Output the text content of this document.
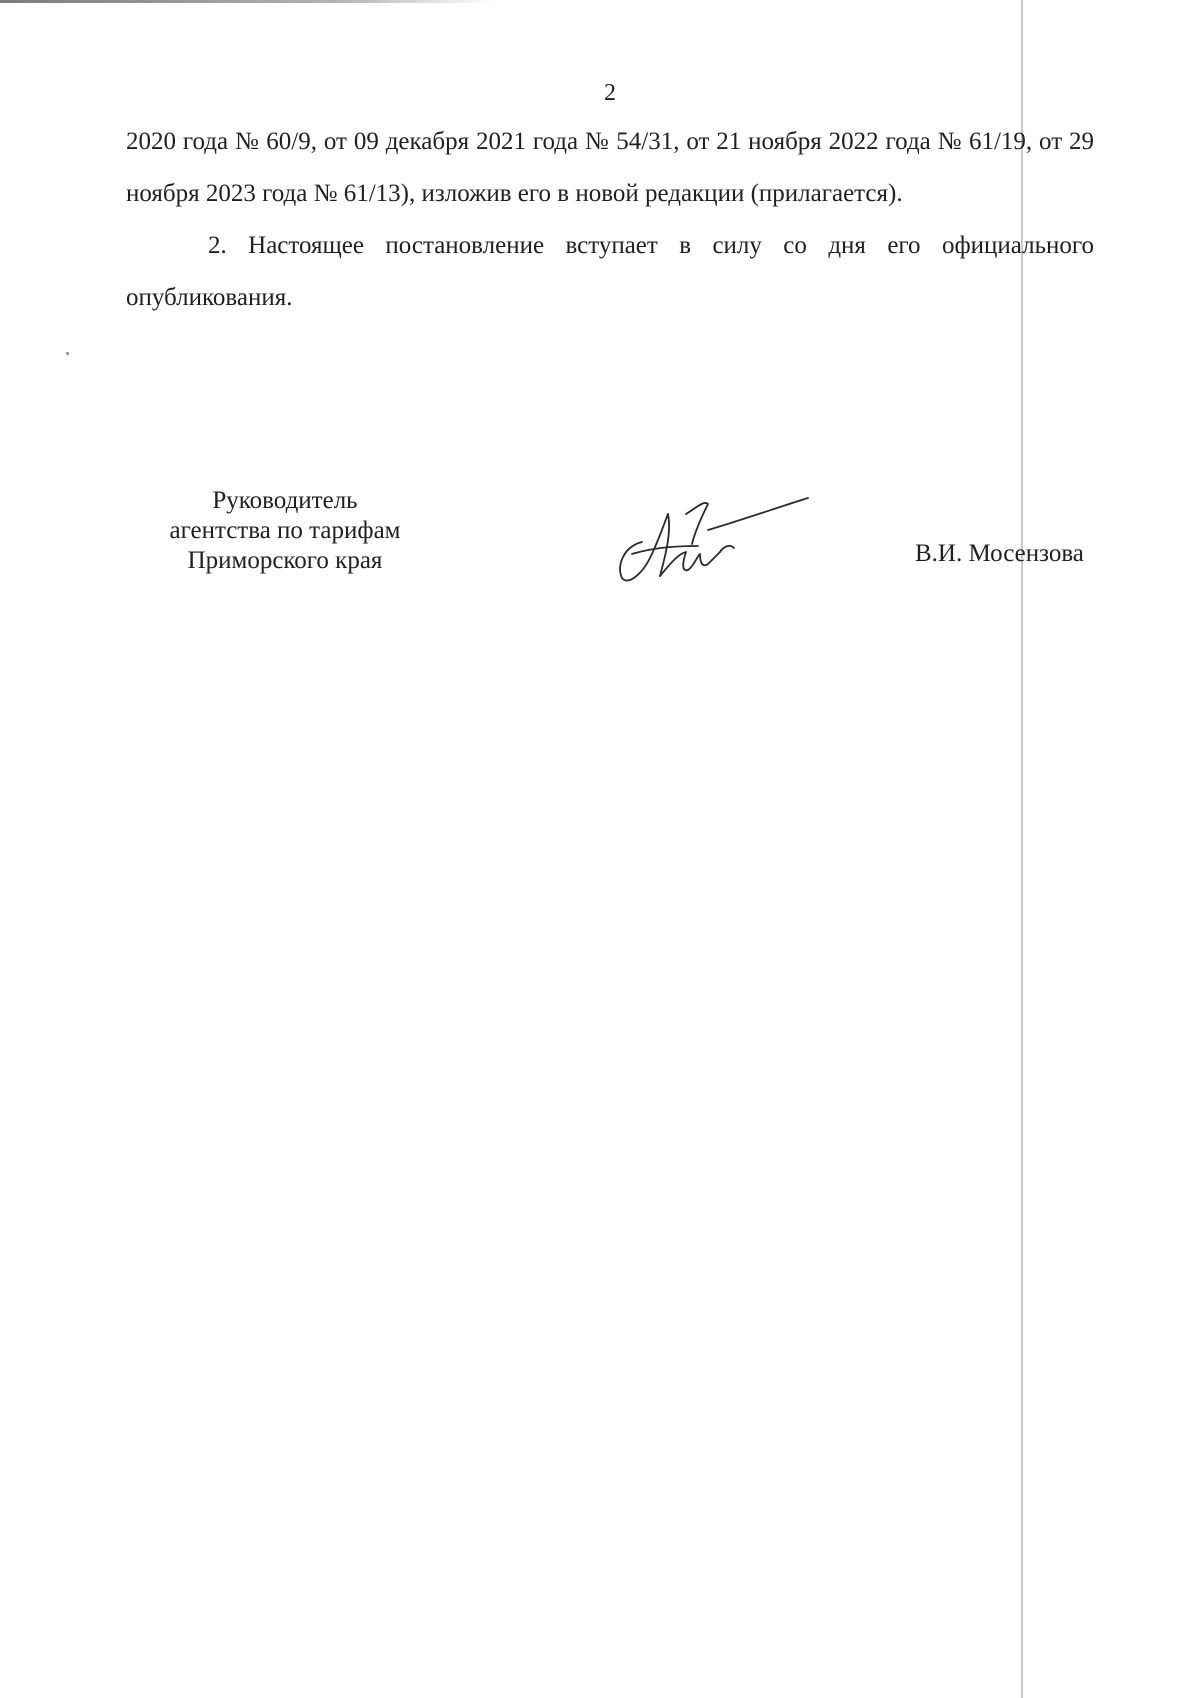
2

2020 года № 60/9, от 09 декабря 2021 года № 54/31, от 21 ноября 2022 года № 61/19, от 29 ноября 2023 года № 61/13), изложив его в новой редакции (прилагается).

2. Настоящее постановление вступает в силу со дня его официального опубликования.

Руководитель
агентства по тарифам
Приморского края	В.И. Мосензова
